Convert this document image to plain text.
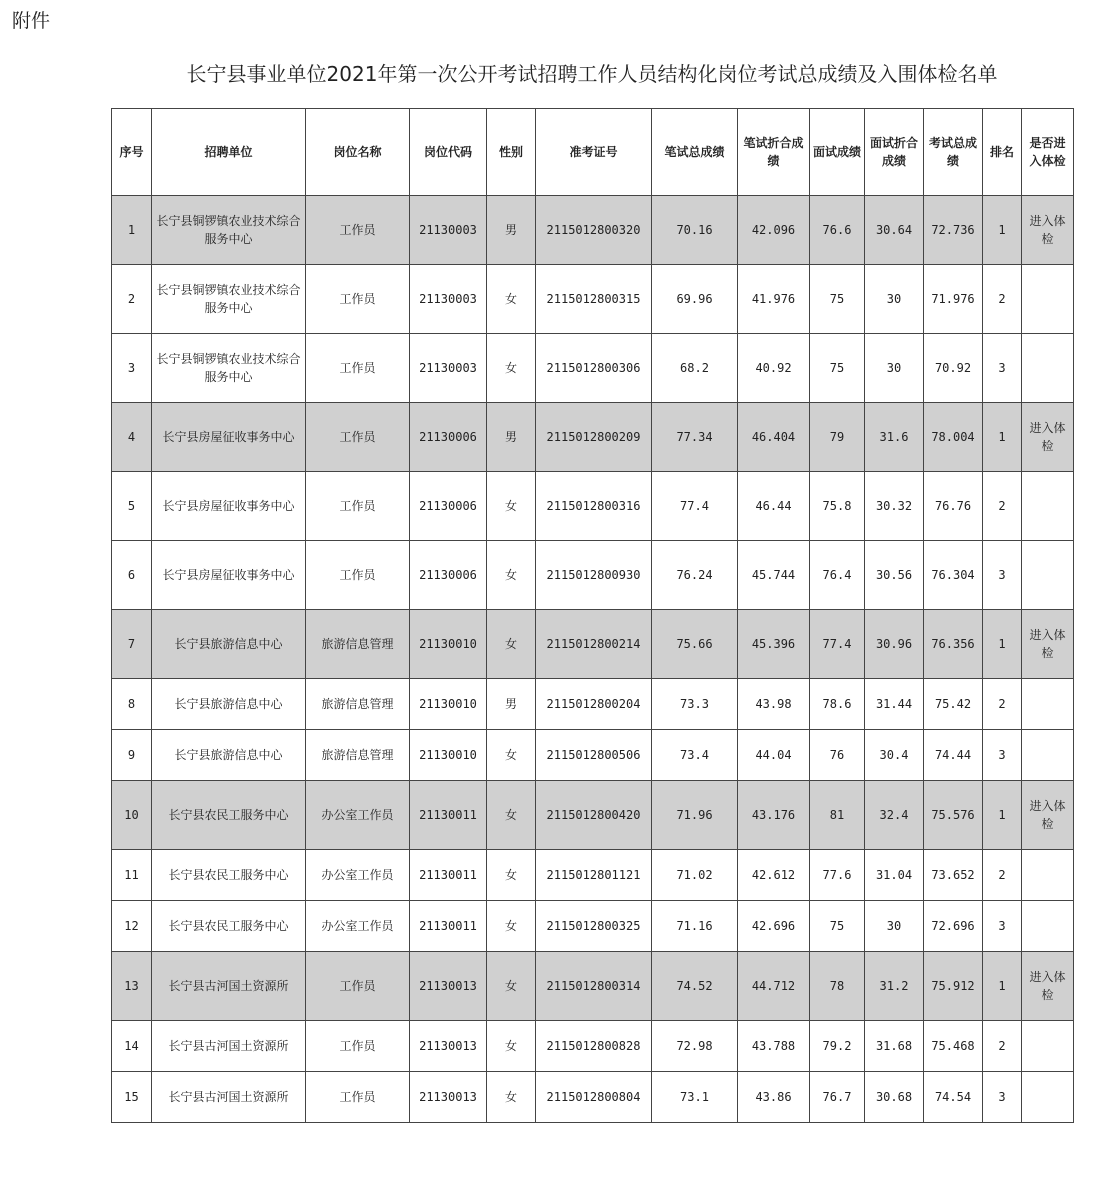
附件
长宁县事业单位2021年第一次公开考试招聘工作人员结构化岗位考试总成绩及入围体检名单
序号	招聘单位	岗位名称	岗位代码	性别	准考证号	笔试总成绩	笔试折合成绩	面试成绩	面试折合成绩	考试总成绩	排名	是否进入体检
1	长宁县铜锣镇农业技术综合服务中心	工作员	21130003	男	2115012800320	70.16	42.096	76.6	30.64	72.736	1	进入体检
2	长宁县铜锣镇农业技术综合服务中心	工作员	21130003	女	2115012800315	69.96	41.976	75	30	71.976	2	
3	长宁县铜锣镇农业技术综合服务中心	工作员	21130003	女	2115012800306	68.2	40.92	75	30	70.92	3	
4	长宁县房屋征收事务中心	工作员	21130006	男	2115012800209	77.34	46.404	79	31.6	78.004	1	进入体检
5	长宁县房屋征收事务中心	工作员	21130006	女	2115012800316	77.4	46.44	75.8	30.32	76.76	2	
6	长宁县房屋征收事务中心	工作员	21130006	女	2115012800930	76.24	45.744	76.4	30.56	76.304	3	
7	长宁县旅游信息中心	旅游信息管理	21130010	女	2115012800214	75.66	45.396	77.4	30.96	76.356	1	进入体检
8	长宁县旅游信息中心	旅游信息管理	21130010	男	2115012800204	73.3	43.98	78.6	31.44	75.42	2	
9	长宁县旅游信息中心	旅游信息管理	21130010	女	2115012800506	73.4	44.04	76	30.4	74.44	3	
10	长宁县农民工服务中心	办公室工作员	21130011	女	2115012800420	71.96	43.176	81	32.4	75.576	1	进入体检
11	长宁县农民工服务中心	办公室工作员	21130011	女	2115012801121	71.02	42.612	77.6	31.04	73.652	2	
12	长宁县农民工服务中心	办公室工作员	21130011	女	2115012800325	71.16	42.696	75	30	72.696	3	
13	长宁县古河国土资源所	工作员	21130013	女	2115012800314	74.52	44.712	78	31.2	75.912	1	进入体检
14	长宁县古河国土资源所	工作员	21130013	女	2115012800828	72.98	43.788	79.2	31.68	75.468	2	
15	长宁县古河国土资源所	工作员	21130013	女	2115012800804	73.1	43.86	76.7	30.68	74.54	3	
